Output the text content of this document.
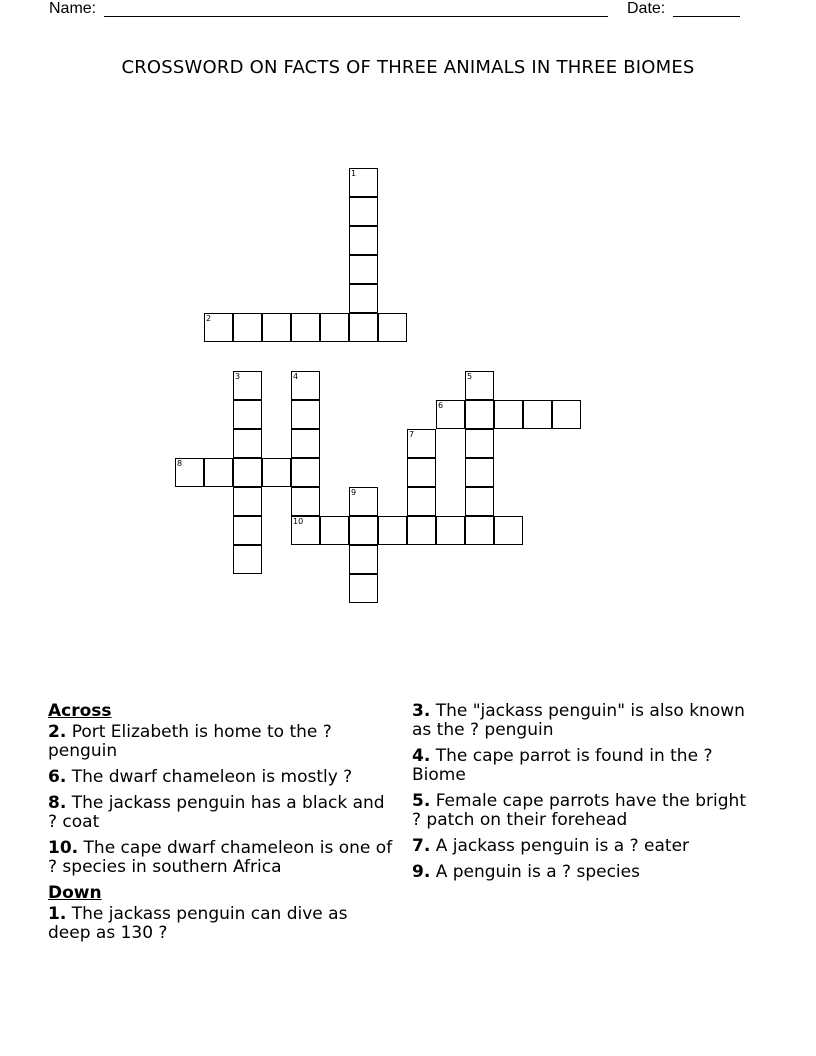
Name:	Date:
CROSSWORD ON FACTS OF THREE ANIMALS IN THREE BIOMES
1
2
3	4	5
6
7
8
9
10
Across
2. Port Elizabeth is home to the ? penguin
6. The dwarf chameleon is mostly ?
8. The jackass penguin has a black and ? coat
10. The cape dwarf chameleon is one of ? species in southern Africa
Down
1. The jackass penguin can dive as deep as 130 ?
3. The "jackass penguin" is also known as the ? penguin
4. The cape parrot is found in the ? Biome
5. Female cape parrots have the bright ? patch on their forehead
7. A jackass penguin is a ? eater
9. A penguin is a ? species
